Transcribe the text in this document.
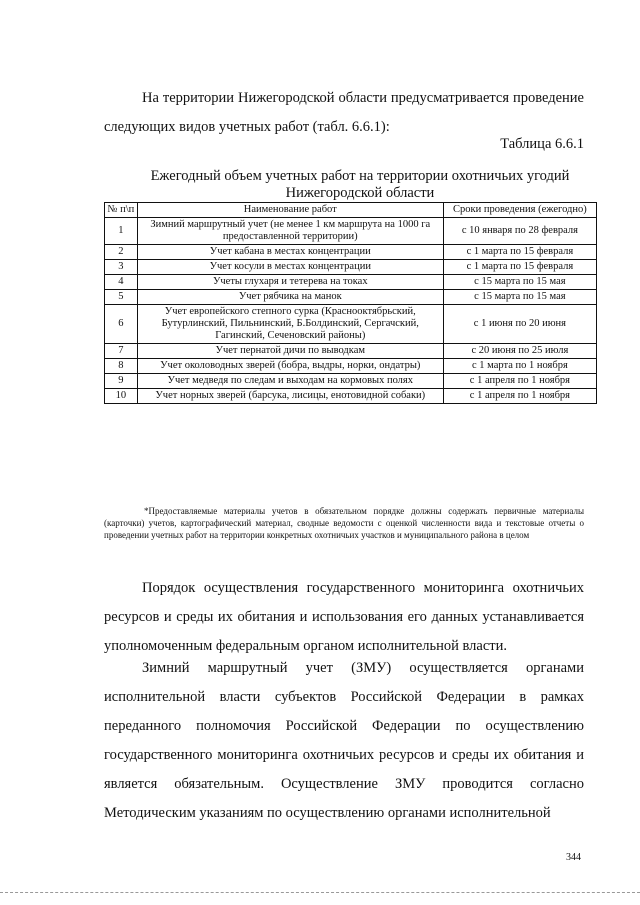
На территории Нижегородской области предусматривается проведение следующих видов учетных работ (табл. 6.6.1):

Таблица 6.6.1

Ежегодный объем учетных работ на территории охотничьих угодий Нижегородской области

№ п\п	Наименование работ	Сроки проведения (ежегодно)
1	Зимний маршрутный учет (не менее 1 км маршрута на 1000 га предоставленной территории)	с 10 января по 28 февраля
2	Учет кабана в местах концентрации	с 1 марта по 15 февраля
3	Учет косули в местах концентрации	с 1 марта по 15 февраля
4	Учеты глухаря и тетерева на токах	с 15 марта по 15 мая
5	Учет рябчика на манок	с 15 марта по 15 мая
6	Учет европейского степного сурка (Краснооктябрьский, Бутурлинский, Пильнинский, Б.Болдинский, Сергачский, Гагинский, Сеченовский районы)	с 1 июня по 20 июня
7	Учет пернатой дичи по выводкам	с 20 июня по 25 июля
8	Учет околоводных зверей (бобра, выдры, норки, ондатры)	с 1 марта по 1 ноября
9	Учет медведя по следам и выходам на кормовых полях	с 1 апреля по 1 ноября
10	Учет норных зверей (барсука, лисицы, енотовидной собаки)	с 1 апреля по 1 ноября

*Предоставляемые материалы учетов в обязательном порядке должны содержать первичные материалы (карточки) учетов, картографический материал, сводные ведомости с оценкой численности вида и текстовые отчеты о проведении учетных работ на территории конкретных охотничьих участков и муниципального района в целом

Порядок осуществления государственного мониторинга охотничьих ресурсов и среды их обитания и использования его данных устанавливается уполномоченным федеральным органом исполнительной власти.

Зимний маршрутный учет (ЗМУ) осуществляется органами исполнительной власти субъектов Российской Федерации в рамках переданного полномочия Российской Федерации по осуществлению государственного мониторинга охотничьих ресурсов и среды их обитания и является обязательным. Осуществление ЗМУ проводится согласно Методическим указаниям по осуществлению органами исполнительной

344
